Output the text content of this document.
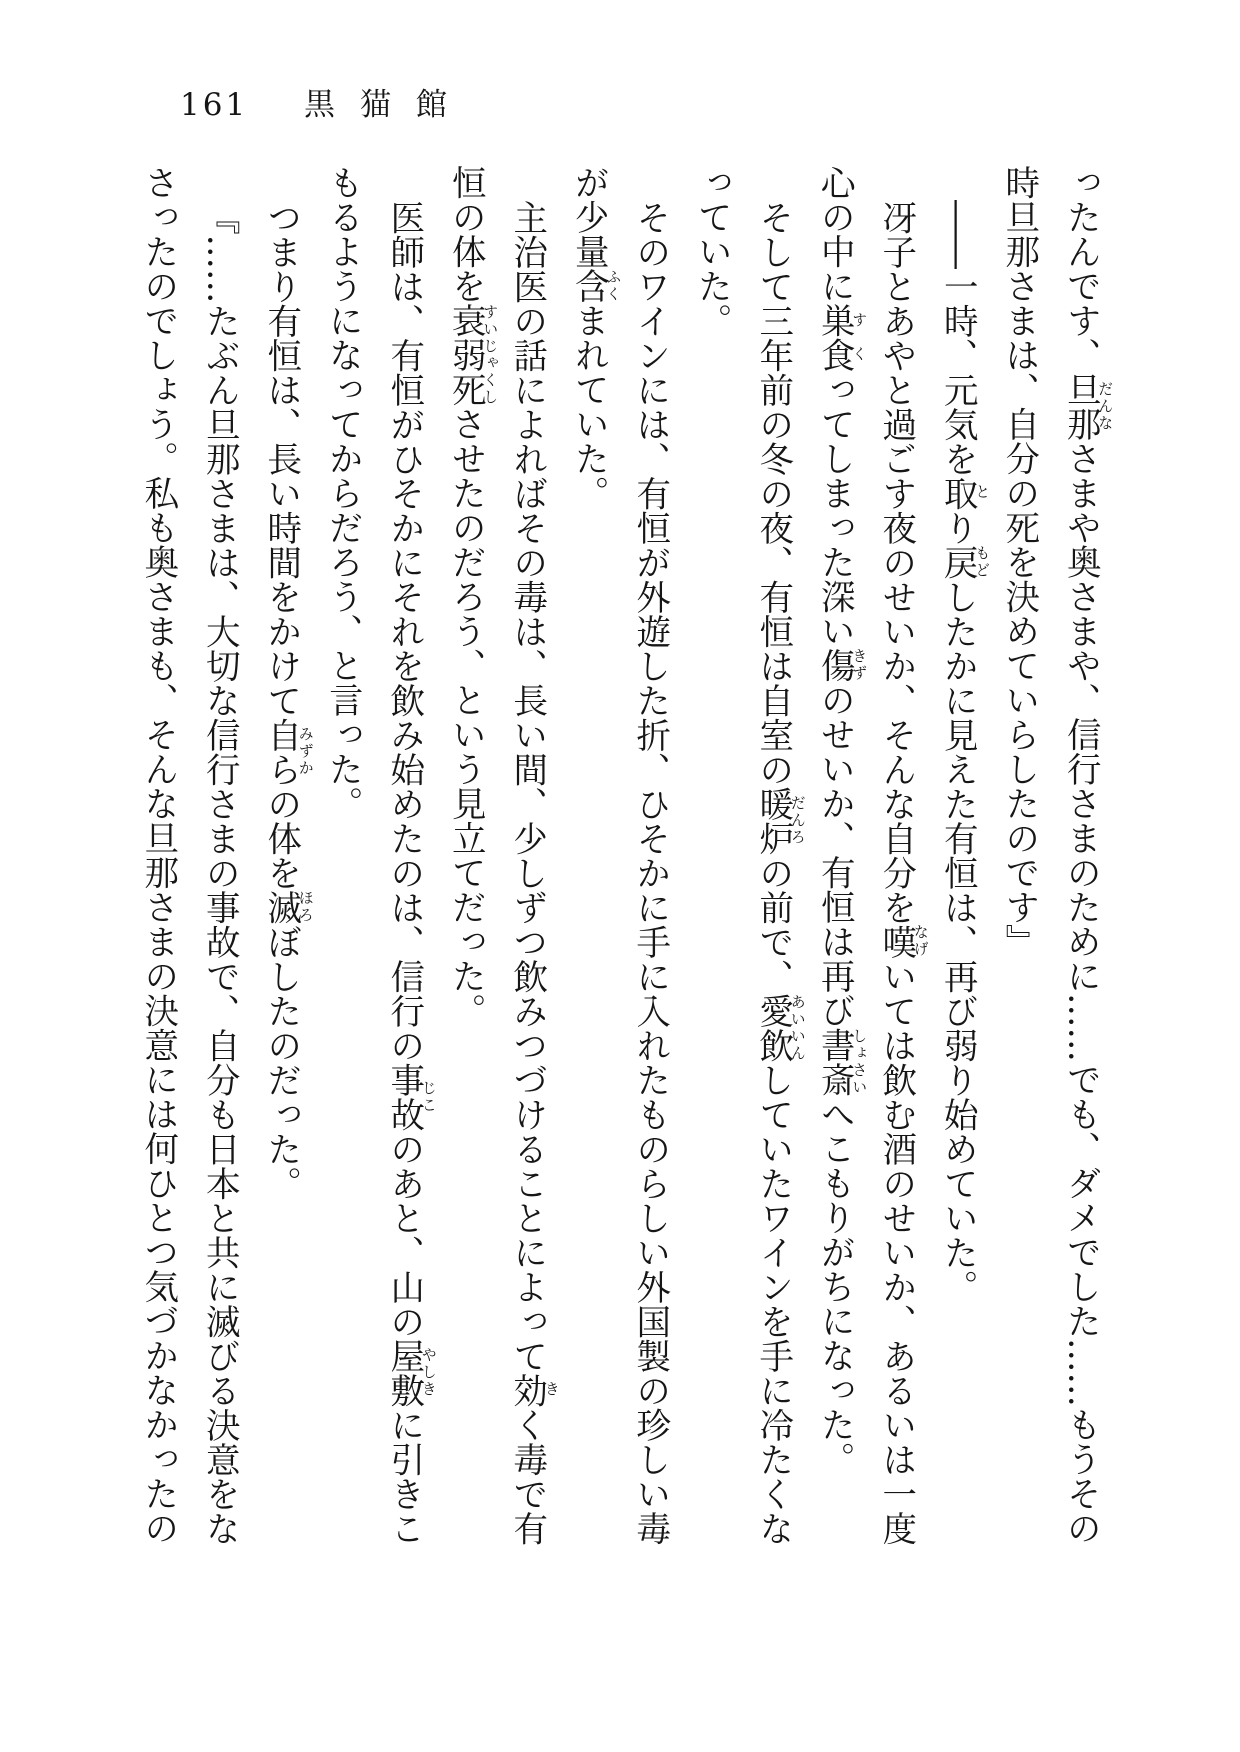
161 黒猫館
ったんです、旦那さまや奥さまや、信行さまのために……でも、ダメでした……もうその
だんな
時旦那さまは、自分の死を決めていらしたのです』
――一時、元気を取り戻したかに見えた有恒は、再び弱り始めていた。
と
もど
冴子とあやと過ごす夜のせいか、そんな自分を嘆いては飲む酒のせいか、あるいは一度
なげ
心の中に巣食ってしまった深い傷のせいか、有恒は再び書斎へこもりがちになった。
す
く
きず
しょさい
そして三年前の冬の夜、有恒は自室の暖炉の前で、愛飲していたワインを手に冷たくな
だんろ
あいいん
っていた。
そのワインには、有恒が外遊した折、ひそかに手に入れたものらしい外国製の珍しい毒
が少量含まれていた。
ふく
主治医の話によればその毒は、長い間、少しずつ飲みつづけることによって効く毒で有
き
恒の体を衰弱死させたのだろう、という見立てだった。
すいじゃくし
医師は、有恒がひそかにそれを飲み始めたのは、信行の事故のあと、山の屋敷に引きこ
じこ
やしき
もるようになってからだろう、と言った。
つまり有恒は、長い時間をかけて自らの体を滅ぼしたのだった。
みずか
ほろ
『……たぶん旦那さまは、大切な信行さまの事故で、自分も日本と共に滅びる決意をな
さったのでしょう。私も奥さまも、そんな旦那さまの決意には何ひとつ気づかなかったの
